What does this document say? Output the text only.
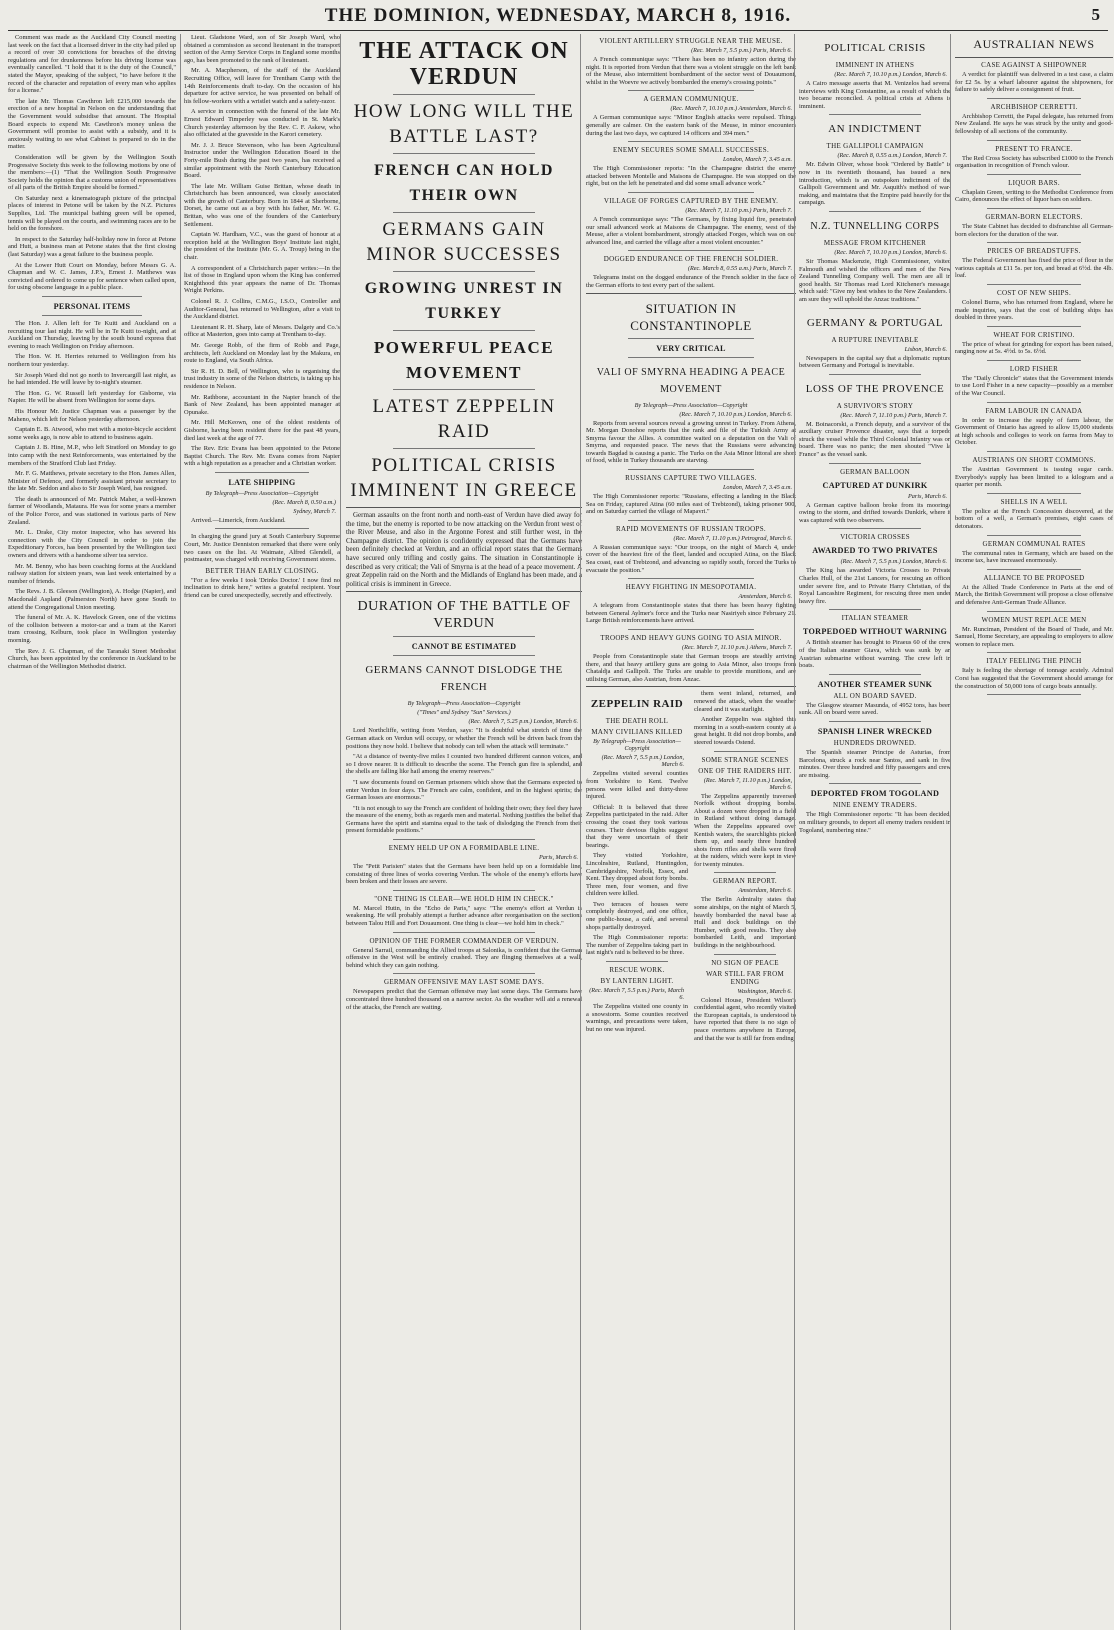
THE DOMINION, WEDNESDAY, MARCH 8, 1916.	5

Comment was made as the Auckland City Council meeting last week on the fact that a licensed driver in the city had piled up a record of over 30 convictions for breaches of the driving regulations and for drunkenness before his driving license was eventually cancelled. "I hold that it is the duty of the Council," stated the Mayor, speaking of the subject, "to have before it the record of the character and reputation of every man who applies for a license."

The late Mr. Thomas Cawthron left £215,000 towards the erection of a new hospital in Nelson on the understanding that the Government would subsidise that amount. The Hospital Board expects to expend Mr. Cawthron's money unless the Government will promise to assist with a subsidy, and it is anxiously waiting to see what Cabinet is prepared to do in the matter.

Consideration will be given by the Wellington South Progressive Society this week to the following motions by one of the members:—(1) "That the Wellington South Progressive Society holds the opinion that a customs union of representatives of all parts of the British Empire should be formed."

On Saturday next a kinematograph picture of the principal places of interest in Petone will be taken by the N.Z. Pictures Supplies, Ltd. The municipal bathing green will be opened, tennis will be played on the courts, and swimming races are to be held on the foreshore.

In respect to the Saturday half-holiday now in force at Petone and Hutt, a business man at Petone states that the first closing (last Saturday) was a great failure to the business people.

At the Lower Hutt Court on Monday, before Messrs G. A. Chapman and W. C. James, J.P.'s, Ernest J. Matthews was convicted and ordered to come up for sentence when called upon, for using obscene language in a public place.

PERSONAL ITEMS

The Hon. J. Allen left for Te Kuiti and Auckland on a recruiting tour last night. He will be in Te Kuiti to-night, and at Auckland on Thursday, leaving by the south bound express that evening to reach Wellington on Friday afternoon.

The Hon. W. H. Herries returned to Wellington from his northern tour yesterday.

Sir Joseph Ward did not go north to Invercargill last night, as he had intended. He will leave by to-night's steamer.

The Hon. G. W. Russell left yesterday for Gisborne, via Napier. He will be absent from Wellington for some days.

His Honour Mr. Justice Chapman was a passenger by the Maheno, which left for Nelson yesterday afternoon.

Captain E. B. Atwood, who met with a motor-bicycle accident some weeks ago, is now able to attend to business again.

Captain J. B. Hine, M.P., who left Stratford on Monday to go into camp with the next Reinforcements, was entertained by the members of the Stratford Club last Friday.

Mr. F. G. Matthews, private secretary to the Hon. James Allen, Minister of Defence, and formerly assistant private secretary to the late Mr. Seddon and also to Sir Joseph Ward, has resigned.

The death is announced of Mr. Patrick Maher, a well-known farmer of Woodlands, Mataura. He was for some years a member of the Police Force, and was stationed in various parts of New Zealand.

Mr. L. Drake, City motor inspector, who has severed his connection with the City Council in order to join the Expeditionary Forces, has been presented by the Wellington taxi owners and drivers with a handsome silver tea service.

Mr. M. Benny, who has been coaching forms at the Auckland railway station for sixteen years, was last week entertained by a number of friends.

The Revs. J. B. Gleeson (Wellington), A. Hodge (Napier), and Macdonald Aspland (Palmerston North) have gone South to attend the Congregational Union meeting.

The funeral of Mr. A. K. Havelock Green, one of the victims of the collision between a motor-car and a tram at the Karori tram crossing, Kelburn, took place in Wellington yesterday morning.

The Rev. J. G. Chapman, of the Taranaki Street Methodist Church, has been appointed by the conference in Auckland to be chairman of the Wellington Methodist district.

Lieut. Gladstone Ward, son of Sir Joseph Ward, who obtained a commission as second lieutenant in the transport section of the Army Service Corps in England some months ago, has been promoted to the rank of lieutenant.

Mr. A. Macpherson, of the staff of the Auckland Recruiting Office, will leave for Trentham Camp with the 14th Reinforcements draft to-day. On the occasion of his departure for active service, he was presented on behalf of his fellow-workers with a wristlet watch and a safety-razor.

A service in connection with the funeral of the late Mr. Ernest Edward Timperley was conducted in St. Mark's Church yesterday afternoon by the Rev. C. F. Askew, who also officiated at the graveside in the Karori cemetery.

Mr. J. J. Bruce Stevenson, who has been Agricultural Instructor under the Wellington Education Board in the Forty-mile Bush during the past two years, has received a similar appointment with the North Canterbury Education Board.

The late Mr. William Guise Brittan, whose death in Christchurch has been announced, was closely associated with the growth of Canterbury. Born in 1844 at Sherborne, Dorset, he came out as a boy with his father, Mr. W. G. Brittan, who was one of the founders of the Canterbury Settlement.

Captain W. Hardham, V.C., was the guest of honour at a reception held at the Wellington Boys' Institute last night, the president of the Institute (Mr. G. A. Troup) being in the chair.

A correspondent of a Christchurch paper writes:—In the list of those in England upon whom the King has conferred Knighthood this year appears the name of Dr. Thomas Wright Perkins.

Colonel R. J. Collins, C.M.G., I.S.O., Controller and Auditor-General, has returned to Wellington, after a visit to the Auckland district.

Lieutenant R. H. Sharp, late of Messrs. Dalgety and Co.'s office at Masterton, goes into camp at Trentham to-day.

Mr. George Robb, of the firm of Robb and Page, architects, left Auckland on Monday last by the Makura, en route to England, via South Africa.

Sir R. H. D. Bell, of Wellington, who is organising the trust industry in some of the Nelson districts, is taking up his residence in Nelson.

Mr. Rathbone, accountant in the Napier branch of the Bank of New Zealand, has been appointed manager at Opunake.

Mr. Hill McKeown, one of the oldest residents of Gisborne, having been resident there for the past 48 years, died last week at the age of 77.

The Rev. Eric Evans has been appointed to the Petone Baptist Church. The Rev. Mr. Evans comes from Napier with a high reputation as a preacher and a Christian worker.

LATE SHIPPING
By Telegraph—Press Association—Copyright
(Rec. March 8, 0.50 a.m.)
Sydney, March 7.

Arrived.—Limerick, from Auckland.

In charging the grand jury at South Canterbury Supreme Court, Mr. Justice Denniston remarked that there were only two cases on the list. At Waimate, Alfred Glendell, a postmaster, was charged with receiving Government stores.

BETTER THAN EARLY CLOSING.

"For a few weeks I took 'Drinks Doctor.' I now find no inclination to drink here," writes a grateful recipient. Your friend can be cured unexpectedly, secretly and effectively.

THE ATTACK ON VERDUN
HOW LONG WILL THE BATTLE LAST?
FRENCH CAN HOLD THEIR OWN
GERMANS GAIN MINOR SUCCESSES
GROWING UNREST IN TURKEY
POWERFUL PEACE MOVEMENT
LATEST ZEPPELIN RAID
POLITICAL CRISIS IMMINENT IN GREECE

German assaults on the front north and north-east of Verdun have died away for the time, but the enemy is reported to be now attacking on the Verdun front west of the River Meuse, and also in the Argonne Forest and still further west, in the Champagne district. The opinion is confidently expressed that the Germans have been definitely checked at Verdun, and an official report states that the Germans have secured only trifling and costly gains. The situation in Constantinople is described as very critical; the Vali of Smyrna is at the head of a peace movement. A great Zeppelin raid on the North and the Midlands of England has been made, and a political crisis is imminent in Greece.

DURATION OF THE BATTLE OF VERDUN
CANNOT BE ESTIMATED
GERMANS CANNOT DISLODGE THE FRENCH
By Telegraph—Press Association—Copyright
("Times" and Sydney "Sun" Services.)
(Rec. March 7, 5.25 p.m.) London, March 6.

Lord Northcliffe, writing from Verdun, says: "It is doubtful what stretch of time the German attack on Verdun will occupy, or whether the French will be driven back from the positions they now hold. I believe that nobody can tell when the attack will terminate."

"At a distance of twenty-five miles I counted two hundred different cannon voices, and so I drove nearer. It is difficult to describe the scene. The French gun fire is splendid, and the shells are falling like hail among the enemy reserves."

"I saw documents found on German prisoners which show that the Germans expected to enter Verdun in four days. The French are calm, confident, and in the highest spirits; the German losses are enormous."

"It is not enough to say the French are confident of holding their own; they feel they have the measure of the enemy, both as regards men and material. Nothing justifies the belief that Germans have the spirit and stamina equal to the task of dislodging the French from their present formidable positions."

ENEMY HELD UP ON A FORMIDABLE LINE.
Paris, March 6.

The "Petit Parisien" states that the Germans have been held up on a formidable line, consisting of three lines of works covering Verdun. The whole of the enemy's efforts have been broken and their losses are severe.

"ONE THING IS CLEAR—WE HOLD HIM IN CHECK."

M. Marcel Hutin, in the "Echo de Paris," says: "The enemy's effort at Verdun is weakening. He will probably attempt a further advance after reorganisation on the sections between Talou Hill and Fort Douaumont. One thing is clear—we hold him in check."

OPINION OF THE FORMER COMMANDER OF VERDUN.

General Sarrail, commanding the Allied troops at Salonika, is confident that the German offensive in the West will be entirely crushed. They are flinging themselves at a wall, behind which they can gain nothing.

GERMAN OFFENSIVE MAY LAST SOME DAYS.

Newspapers predict that the German offensive may last some days. The Germans have concentrated three hundred thousand on a narrow sector. As the weather will aid a renewal of the attacks, the French are waiting.

VIOLENT ARTILLERY STRUGGLE NEAR THE MEUSE.
(Rec. March 7, 5.5 p.m.) Paris, March 6.

A French communique says: "There has been no infantry action during the night. It is reported from Verdun that there was a violent struggle on the left bank of the Meuse, also intermittent bombardment of the sector west of Douaumont, whilst in the Woevre we actively bombarded the enemy's crossing points."

A GERMAN COMMUNIQUE.
(Rec. March 7, 10.10 p.m.) Amsterdam, March 6.

A German communique says: "Minor English attacks were repulsed. Things generally are calmer. On the eastern bank of the Meuse, in minor encounters during the last two days, we captured 14 officers and 394 men."

ENEMY SECURES SOME SMALL SUCCESSES.
London, March 7, 3.45 a.m.

The High Commissioner reports: "In the Champagne district the enemy attacked between Montelle and Maisons de Champagne. He was stopped on the right, but on the left he penetrated and did some small advance work."

VILLAGE OF FORGES CAPTURED BY THE ENEMY.
(Rec. March 7, 11.10 p.m.) Paris, March 7.

A French communique says: "The Germans, by fixing liquid fire, penetrated our small advanced work at Maisons de Champagne. The enemy, west of the Meuse, after a violent bombardment, strongly attacked Forges, which was on our advanced line, and carried the village after a most violent encounter."

DOGGED ENDURANCE OF THE FRENCH SOLDIER.
(Rec. March 8, 0.55 a.m.) Paris, March 7.

Telegrams insist on the dogged endurance of the French soldier in the face of the German efforts to test every part of the salient.

SITUATION IN CONSTANTINOPLE
VERY CRITICAL
VALI OF SMYRNA HEADING A PEACE MOVEMENT
By Telegraph—Press Association—Copyright
(Rec. March 7, 10.10 p.m.) London, March 6.

Reports from several sources reveal a growing unrest in Turkey. From Athens, Mr. Morgan Donohoe reports that the rank and file of the Turkish Army at Smyrna favour the Allies. A committee waited on a deputation on the Vali of Smyrna, and requested peace. The news that the Russians were advancing towards Bagdad is causing a panic. The Turks on the Asia Minor littoral are short of food, while in Turkey thousands are starving.

RUSSIANS CAPTURE TWO VILLAGES.
London, March 7, 3.45 a.m.

The High Commissioner reports: "Russians, effecting a landing in the Black Sea on Friday, captured Atina (60 miles east of Trebizond), taking prisoner 900, and on Saturday carried the village of Mapavri."

RAPID MOVEMENTS OF RUSSIAN TROOPS.
(Rec. March 7, 11.10 p.m.) Petrograd, March 6.

A Russian communique says: "Our troops, on the night of March 4, under cover of the heaviest fire of the fleet, landed and occupied Atina, on the Black Sea coast, east of Trebizond, and advancing so rapidly south, forced the Turks to evacuate the position."

HEAVY FIGHTING IN MESOPOTAMIA.
Amsterdam, March 6.

A telegram from Constantinople states that there has been heavy fighting between General Aylmer's force and the Turks near Nasiriyeh since February 21. Large British reinforcements have arrived.

TROOPS AND HEAVY GUNS GOING TO ASIA MINOR.
(Rec. March 7, 11.10 p.m.) Athens, March 7.

People from Constantinople state that German troops are steadily arriving there, and that heavy artillery guns are going to Asia Minor, also troops from Chataldja and Gallipoli. The Turks are unable to provide munitions, and are utilising German, also Austrian, from Anzac.

ZEPPELIN RAID
THE DEATH ROLL
MANY CIVILIANS KILLED
By Telegraph—Press Association—Copyright
(Rec. March 7, 5.5 p.m.) London, March 6.

Zeppelins visited several counties from Yorkshire to Kent. Twelve persons were killed and thirty-three injured.

Official: It is believed that three Zeppelins participated in the raid. After crossing the coast they took various courses. Their devious flights suggest that they were uncertain of their bearings.

They visited Yorkshire, Lincolnshire, Rutland, Huntingdon, Cambridgeshire, Norfolk, Essex, and Kent. They dropped about forty bombs. Three men, four women, and five children were killed.

Two terraces of houses were completely destroyed, and one office, one public-house, a café, and several shops partially destroyed.

The High Commissioner reports: The number of Zeppelins taking part in last night's raid is believed to be three.

RESCUE WORK.
BY LANTERN LIGHT.
(Rec. March 7, 5.5 p.m.) Paris, March 6.

The Zeppelins visited one county in a snowstorm. Some counties received warnings, and precautions were taken, but no one was injured.

them went inland, returned, and renewed the attack, when the weather cleared and it was starlight.

Another Zeppelin was sighted this morning in a south-eastern county at a great height. It did not drop bombs, and steered towards Ostend.

SOME STRANGE SCENES
ONE OF THE RAIDERS HIT.
(Rec. March 7, 11.10 p.m.) London, March 6.

The Zeppelins apparently traversed Norfolk without dropping bombs. About a dozen were dropped in a field in Rutland without doing damage. When the Zeppelins appeared over Kentish waters, the searchlights picked them up, and nearly three hundred shots from rifles and shells were fired at the raiders, which were kept in view for twenty minutes.

GERMAN REPORT.
Amsterdam, March 6.

The Berlin Admiralty states that some airships, on the night of March 5, heavily bombarded the naval base at Hull and dock buildings on the Humber, with good results. They also bombarded Leith, and important buildings in the neighbourhood.

NO SIGN OF PEACE
WAR STILL FAR FROM ENDING
Washington, March 6.

Colonel House, President Wilson's confidential agent, who recently visited the European capitals, is understood to have reported that there is no sign of peace overtures anywhere in Europe, and that the war is still far from ending.

POLITICAL CRISIS
IMMINENT IN ATHENS
(Rec. March 7, 10.10 p.m.) London, March 6.

A Cairo message asserts that M. Venizelos had several interviews with King Constantine, as a result of which the two became reconciled. A political crisis at Athens is imminent.

AN INDICTMENT
THE GALLIPOLI CAMPAIGN
(Rec. March 8, 0.55 a.m.) London, March 7.

Mr. Edwin Oliver, whose book "Ordered by Battle" is now in its twentieth thousand, has issued a new introduction, which is an outspoken indictment of the Gallipoli Government and Mr. Asquith's method of war-making, and maintains that the Empire paid heavily for the campaign.

N.Z. TUNNELLING CORPS
MESSAGE FROM KITCHENER
(Rec. March 7, 10.10 p.m.) London, March 6.

Sir Thomas Mackenzie, High Commissioner, visited Falmouth and wished the officers and men of the New Zealand Tunnelling Company well. The men are all in good health. Sir Thomas read Lord Kitchener's message, which said: "Give my best wishes to the New Zealanders. I am sure they will uphold the Anzac traditions."

GERMANY & PORTUGAL
A RUPTURE INEVITABLE
Lisbon, March 6.

Newspapers in the capital say that a diplomatic rupture between Germany and Portugal is inevitable.

LOSS OF THE PROVENCE
A SURVIVOR'S STORY
(Rec. March 7, 11.10 p.m.) Paris, March 7.

M. Boinacorski, a French deputy, and a survivor of the auxiliary cruiser Provence disaster, says that a torpedo struck the vessel while the Third Colonial Infantry was on board. There was no panic; the men shouted "Vive la France" as the vessel sank.

GERMAN BALLOON
CAPTURED AT DUNKIRK
Paris, March 6.

A German captive balloon broke from its moorings owing to the storm, and drifted towards Dunkirk, where it was captured with two observers.

VICTORIA CROSSES
AWARDED TO TWO PRIVATES
(Rec. March 7, 5.5 p.m.) London, March 6.

The King has awarded Victoria Crosses to Private Charles Hull, of the 21st Lancers, for rescuing an officer under severe fire, and to Private Harry Christian, of the Royal Lancashire Regiment, for rescuing three men under heavy fire.

ITALIAN STEAMER
TORPEDOED WITHOUT WARNING

A British steamer has brought to Piraeus 60 of the crew of the Italian steamer Giava, which was sunk by an Austrian submarine without warning. The crew left in boats.

ANOTHER STEAMER SUNK
ALL ON BOARD SAVED.

The Glasgow steamer Masunda, of 4952 tons, has been sunk. All on board were saved.

SPANISH LINER WRECKED
HUNDREDS DROWNED.

The Spanish steamer Principe de Asturias, from Barcelona, struck a rock near Santos, and sank in five minutes. Over three hundred and fifty passengers and crew are missing.

DEPORTED FROM TOGOLAND
NINE ENEMY TRADERS.

The High Commissioner reports: "It has been decided, on military grounds, to deport all enemy traders resident in Togoland, numbering nine."

AUSTRALIAN NEWS
CASE AGAINST A SHIPOWNER

A verdict for plaintiff was delivered in a test case, a claim for £2 5s. by a wharf labourer against the shipowners, for failure to safely deliver a consignment of fruit.

ARCHBISHOP CERRETTI.

Archbishop Cerretti, the Papal delegate, has returned from New Zealand. He says he was struck by the unity and good-fellowship of all sections of the community.

PRESENT TO FRANCE.

The Red Cross Society has subscribed £1000 to the French organisation in recognition of French valour.

LIQUOR BARS.

Chaplain Green, writing to the Methodist Conference from Cairo, denounces the effect of liquor bars on soldiers.

GERMAN-BORN ELECTORS.

The State Cabinet has decided to disfranchise all German-born electors for the duration of the war.

PRICES OF BREADSTUFFS.

The Federal Government has fixed the price of flour in the various capitals at £11 5s. per ton, and bread at 6½d. the 4lb. loaf.

COST OF NEW SHIPS.

Colonel Burns, who has returned from England, where he made inquiries, says that the cost of building ships has doubled in three years.

WHEAT FOR CRISTINO.

The price of wheat for grinding for export has been raised, ranging now at 5s. 4½d. to 5s. 6½d.

LORD FISHER

The "Daily Chronicle" states that the Government intends to use Lord Fisher in a new capacity—possibly as a member of the War Council.

FARM LABOUR IN CANADA

In order to increase the supply of farm labour, the Government of Ontario has agreed to allow 15,000 students at high schools and colleges to work on farms from May to October.

AUSTRIANS ON SHORT COMMONS.

The Austrian Government is issuing sugar cards. Everybody's supply has been limited to a kilogram and a quarter per month.

SHELLS IN A WELL

The police at the French Concession discovered, at the bottom of a well, a German's premises, eight cases of detonators.

GERMAN COMMUNAL RATES

The communal rates in Germany, which are based on the income tax, have increased enormously.

ALLIANCE TO BE PROPOSED

At the Allied Trade Conference in Paris at the end of March, the British Government will propose a close offensive and defensive Anti-German Trade Alliance.

WOMEN MUST REPLACE MEN

Mr. Runciman, President of the Board of Trade, and Mr. Samuel, Home Secretary, are appealing to employers to allow women to replace men.

ITALY FEELING THE PINCH

Italy is feeling the shortage of tonnage acutely. Admiral Corsi has suggested that the Government should arrange for the construction of 50,000 tons of cargo boats annually.
